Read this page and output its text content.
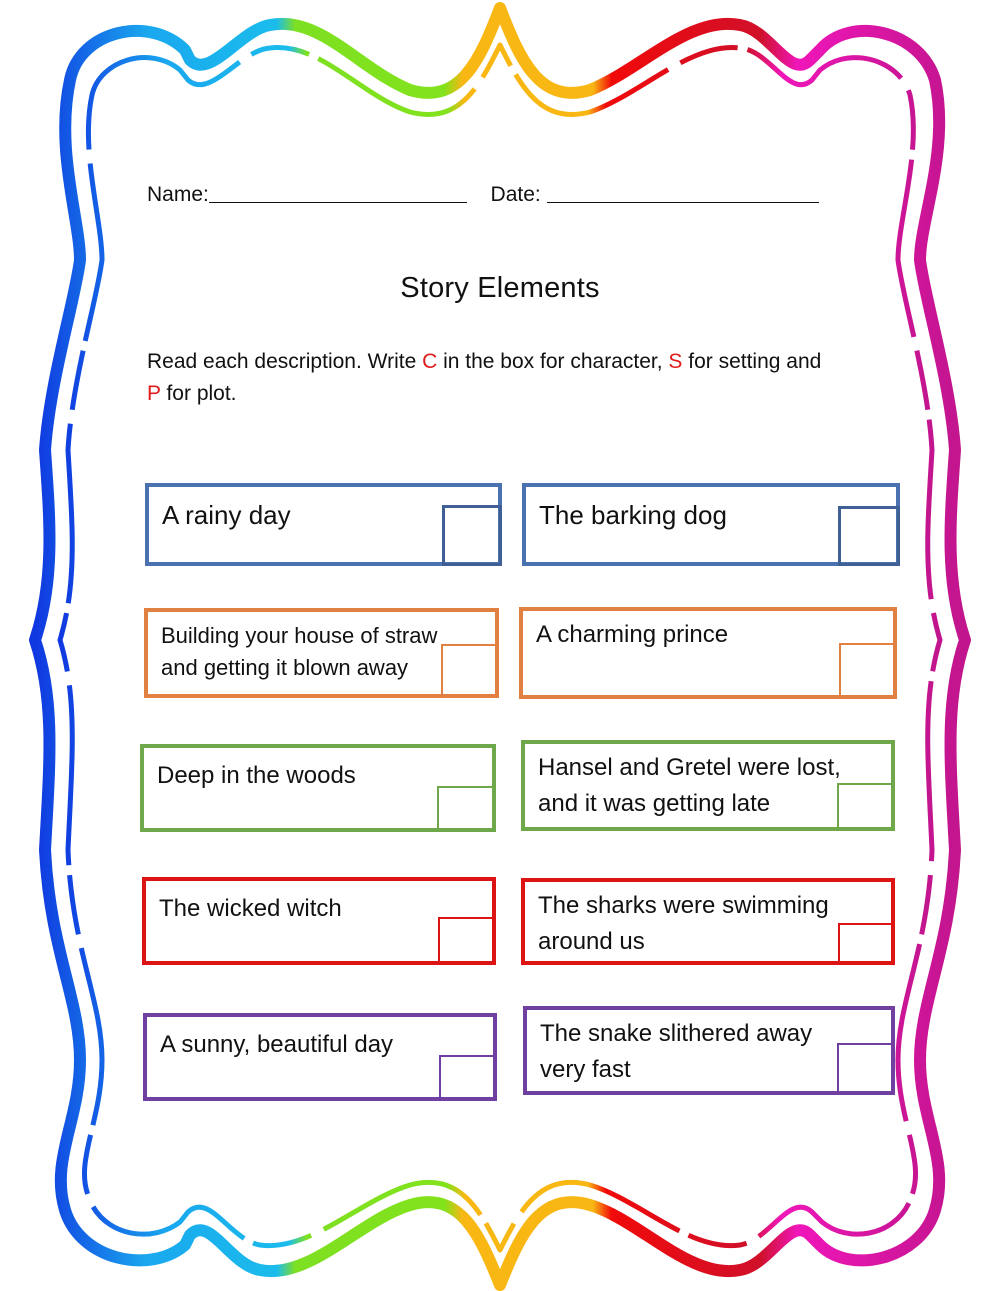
Name:	Date:
Story Elements
Read each description. Write C in the box for character, S for setting and P for plot.
A rainy day	The barking dog
Building your house of straw
and getting it blown away
A charming prince
Deep in the woods	Hansel and Gretel were lost,
and it was getting late
The wicked witch	The sharks were swimming
around us
A sunny, beautiful day	The snake slithered away
very fast
